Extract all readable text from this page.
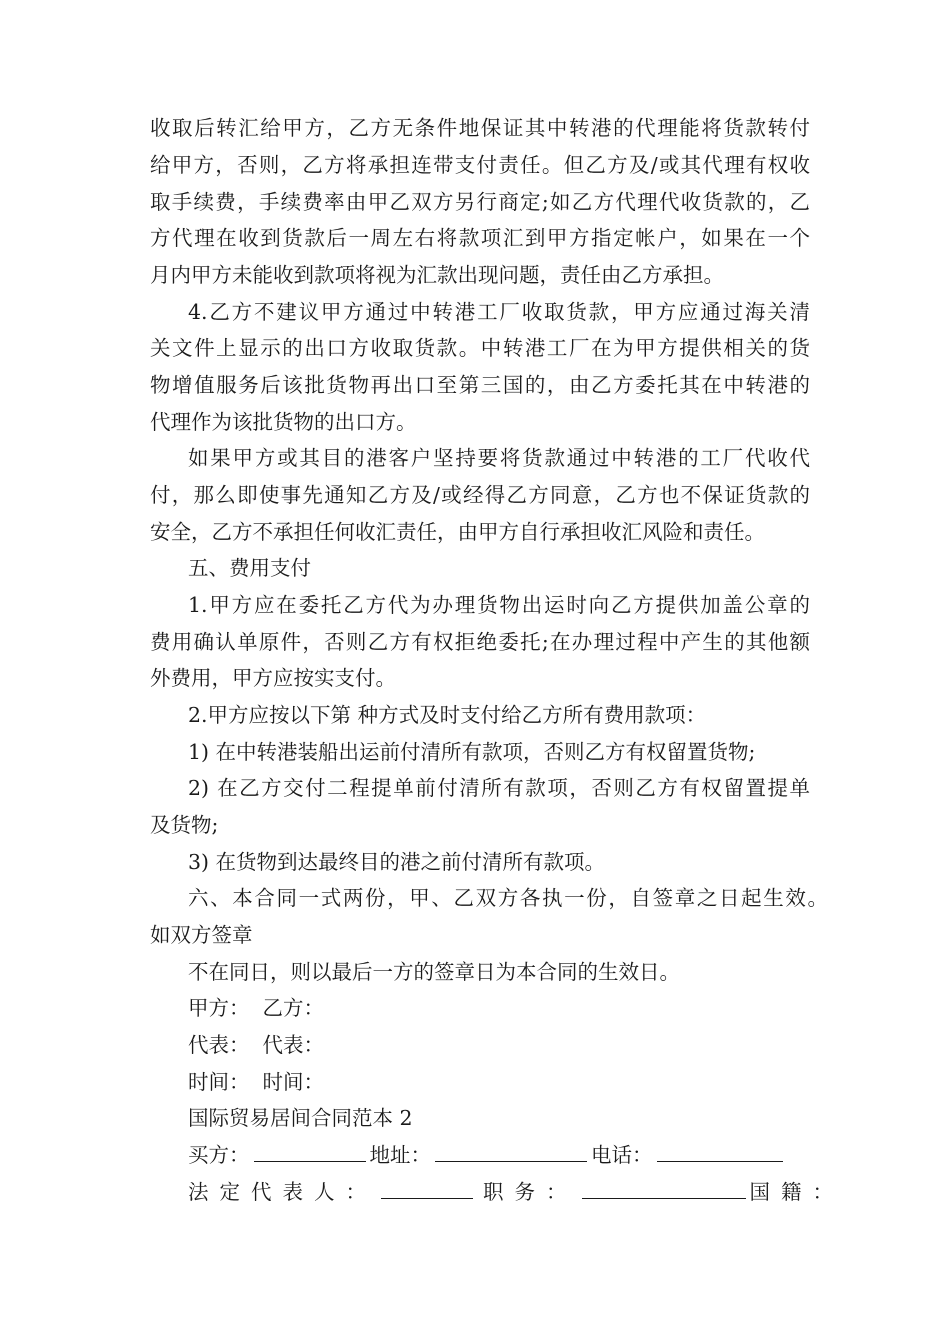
收取后转汇给甲方，乙方无条件地保证其中转港的代理能将货款转付
给甲方，否则，乙方将承担连带支付责任。但乙方及/或其代理有权收
取手续费，手续费率由甲乙双方另行商定;如乙方代理代收货款的，乙
方代理在收到货款后一周左右将款项汇到甲方指定帐户，如果在一个
月内甲方未能收到款项将视为汇款出现问题，责任由乙方承担。
4.乙方不建议甲方通过中转港工厂收取货款，甲方应通过海关清
关文件上显示的出口方收取货款。中转港工厂在为甲方提供相关的货
物增值服务后该批货物再出口至第三国的，由乙方委托其在中转港的
代理作为该批货物的出口方。
如果甲方或其目的港客户坚持要将货款通过中转港的工厂代收代
付，那么即使事先通知乙方及/或经得乙方同意，乙方也不保证货款的
安全，乙方不承担任何收汇责任，由甲方自行承担收汇风险和责任。
五、费用支付
1.甲方应在委托乙方代为办理货物出运时向乙方提供加盖公章的
费用确认单原件，否则乙方有权拒绝委托;在办理过程中产生的其他额
外费用，甲方应按实支付。
2.甲方应按以下第 种方式及时支付给乙方所有费用款项：
1) 在中转港装船出运前付清所有款项，否则乙方有权留置货物;
2) 在乙方交付二程提单前付清所有款项，否则乙方有权留置提单
及货物;
3) 在货物到达最终目的港之前付清所有款项。
六、本合同一式两份，甲、乙双方各执一份，自签章之日起生效。
如双方签章
不在同日，则以最后一方的签章日为本合同的生效日。
甲方：  乙方：
代表：  代表：
时间：  时间：
国际贸易居间合同范本 2
买方：	地址：	电话：
法定代表人：	职务：	国籍：
